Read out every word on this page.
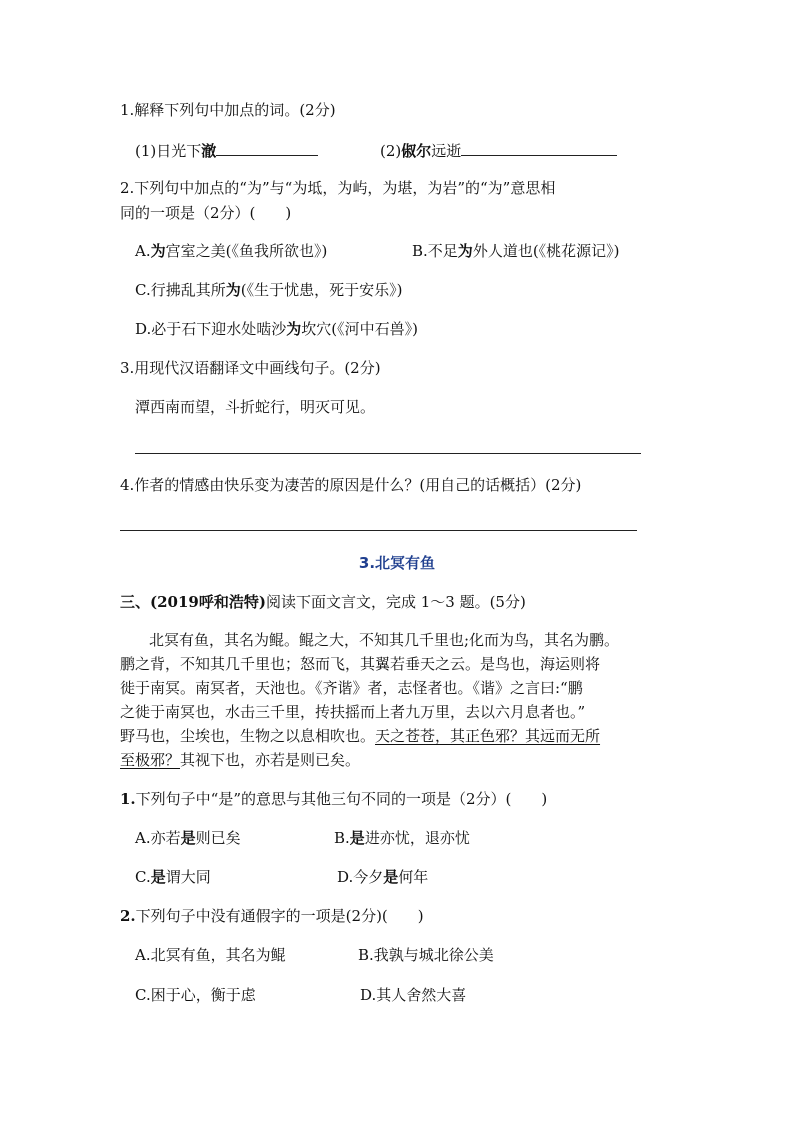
1.解释下列句中加点的词。(2分)
(1)日光下澈	(2)俶尔远逝
2.下列句中加点的“为”与“为坻，为屿，为堪，为岩”的“为”意思相
同的一项是（2分）(　　)
A.为宫室之美(《鱼我所欲也》)	B.不足为外人道也(《桃花源记》)
C.行拂乱其所为(《生于忧患，死于安乐》)
D.必于石下迎水处啮沙为坎穴(《河中石兽》)
3.用现代汉语翻译文中画线句子。(2分)
潭西南而望，斗折蛇行，明灭可见。
4.作者的情感由快乐变为凄苦的原因是什么？(用自己的话概括）(2分)
3.北冥有鱼
三、(2019呼和浩特)阅读下面文言文，完成 1～3 题。(5分)

北冥有鱼，其名为鲲。鲲之大，不知其几千里也;化而为鸟，其名为鹏。

鹏之背，不知其几千里也；怒而飞，其翼若垂天之云。是鸟也，海运则将

徙于南冥。南冥者，天池也。《齐谐》者，志怪者也。《谐》之言曰:“鹏

之徙于南冥也，水击三千里，抟扶摇而上者九万里，去以六月息者也。”

野马也，尘埃也，生物之以息相吹也。天之苍苍，其正色邪？其远而无所

至极邪？其视下也，亦若是则已矣。

1.下列句子中“是”的意思与其他三句不同的一项是（2分）(　　)
A.亦若是则已矣	B.是进亦忧，退亦忧
C.是谓大同	D.今夕是何年
2.下列句子中没有通假字的一项是(2分)(　　)
A.北冥有鱼，其名为鲲	B.我孰与城北徐公美
C.困于心，衡于虑	D.其人舍然大喜
